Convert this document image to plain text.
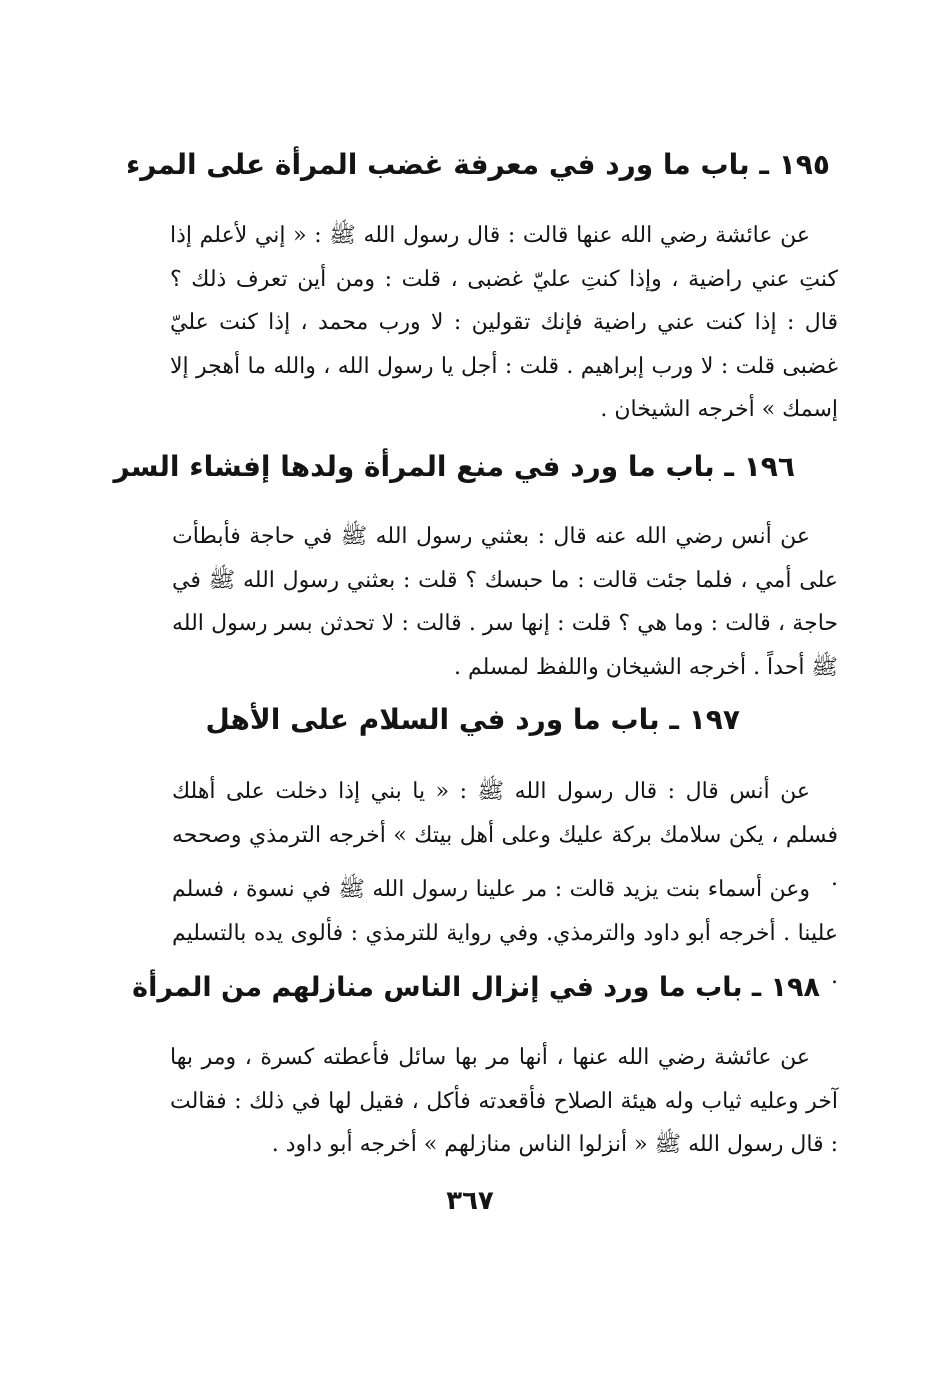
١٩٥ ـ باب ما ورد في معرفة غضب المرأة على المرء

عن عائشة رضي الله عنها قالت : قال رسول الله ﷺ : « إني لأعلم إذا كنتِ عني راضية ، وإذا كنتِ عليّ غضبى ، قلت : ومن أين تعرف ذلك ؟ قال : إذا كنت عني راضية فإنك تقولين : لا ورب محمد ، إذا كنت عليّ غضبى قلت : لا ورب إبراهيم . قلت : أجل يا رسول الله ، والله ما أهجر إلا إسمك » أخرجه الشيخان .

١٩٦ ـ باب ما ورد في منع المرأة ولدها إفشاء السر

عن أنس رضي الله عنه قال : بعثني رسول الله ﷺ في حاجة فأبطأت على أمي ، فلما جئت قالت : ما حبسك ؟ قلت : بعثني رسول الله ﷺ في حاجة ، قالت : وما هي ؟ قلت : إنها سر . قالت : لا تحدثن بسر رسول الله ﷺ أحداً . أخرجه الشيخان واللفظ لمسلم .

١٩٧ ـ باب ما ورد في السلام على الأهل

عن أنس قال : قال رسول الله ﷺ : « يا بني إذا دخلت على أهلك فسلم ، يكن سلامك بركة عليك وعلى أهل بيتك » أخرجه الترمذي وصححه .

وعن أسماء بنت يزيد قالت : مر علينا رسول الله ﷺ في نسوة ، فسلم علينا . أخرجه أبو داود والترمذي. وفي رواية للترمذي : فألوى يده بالتسليم .

١٩٨ ـ باب ما ورد في إنزال الناس منازلهم من المرأة

عن عائشة رضي الله عنها ، أنها مر بها سائل فأعطته كسرة ، ومر بها آخر وعليه ثياب وله هيئة الصلاح فأقعدته فأكل ، فقيل لها في ذلك : فقالت : قال رسول الله ﷺ « أنزلوا الناس منازلهم » أخرجه أبو داود .

٣٦٧
